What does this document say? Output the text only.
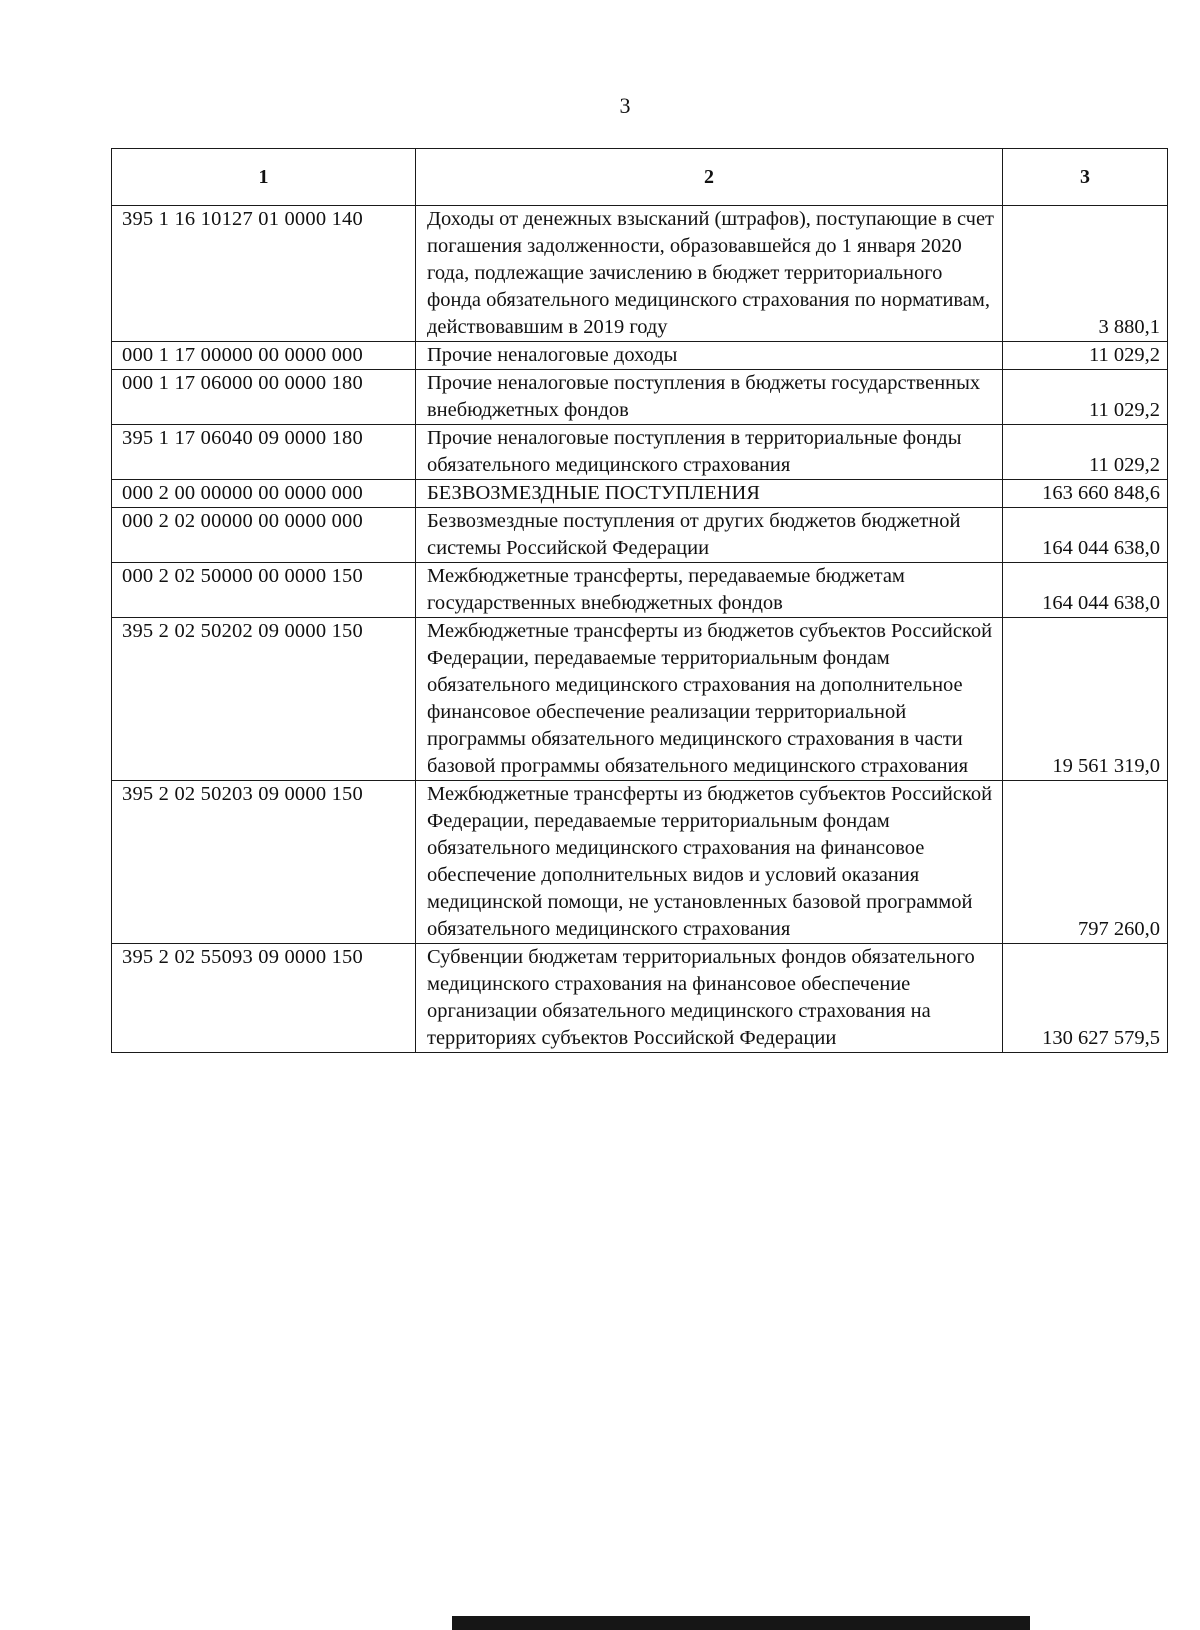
3
1	2	3
395 1 16 10127 01 0000 140	Доходы от денежных взысканий (штрафов), поступающие в счет погашения задолженности, образовавшейся до 1 января 2020 года, подлежащие зачислению в бюджет территориального фонда обязательного медицинского страхования по нормативам, действовавшим в 2019 году	3 880,1
000 1 17 00000 00 0000 000	Прочие неналоговые доходы	11 029,2
000 1 17 06000 00 0000 180	Прочие неналоговые поступления в бюджеты государственных внебюджетных фондов	11 029,2
395 1 17 06040 09 0000 180	Прочие неналоговые поступления в территориальные фонды обязательного медицинского страхования	11 029,2
000 2 00 00000 00 0000 000	БЕЗВОЗМЕЗДНЫЕ ПОСТУПЛЕНИЯ	163 660 848,6
000 2 02 00000 00 0000 000	Безвозмездные поступления от других бюджетов бюджетной системы Российской Федерации	164 044 638,0
000 2 02 50000 00 0000 150	Межбюджетные трансферты, передаваемые бюджетам государственных внебюджетных фондов	164 044 638,0
395 2 02 50202 09 0000 150	Межбюджетные трансферты из бюджетов субъектов Российской Федерации, передаваемые территориальным фондам обязательного медицинского страхования на дополнительное финансовое обеспечение реализации территориальной программы обязательного медицинского страхования в части базовой программы обязательного медицинского страхования	19 561 319,0
395 2 02 50203 09 0000 150	Межбюджетные трансферты из бюджетов субъектов Российской Федерации, передаваемые территориальным фондам обязательного медицинского страхования на финансовое обеспечение дополнительных видов и условий оказания медицинской помощи, не установленных базовой программой обязательного медицинского страхования	797 260,0
395 2 02 55093 09 0000 150	Субвенции бюджетам территориальных фондов обязательного медицинского страхования на финансовое обеспечение организации обязательного медицинского страхования на территориях субъектов Российской Федерации	130 627 579,5
